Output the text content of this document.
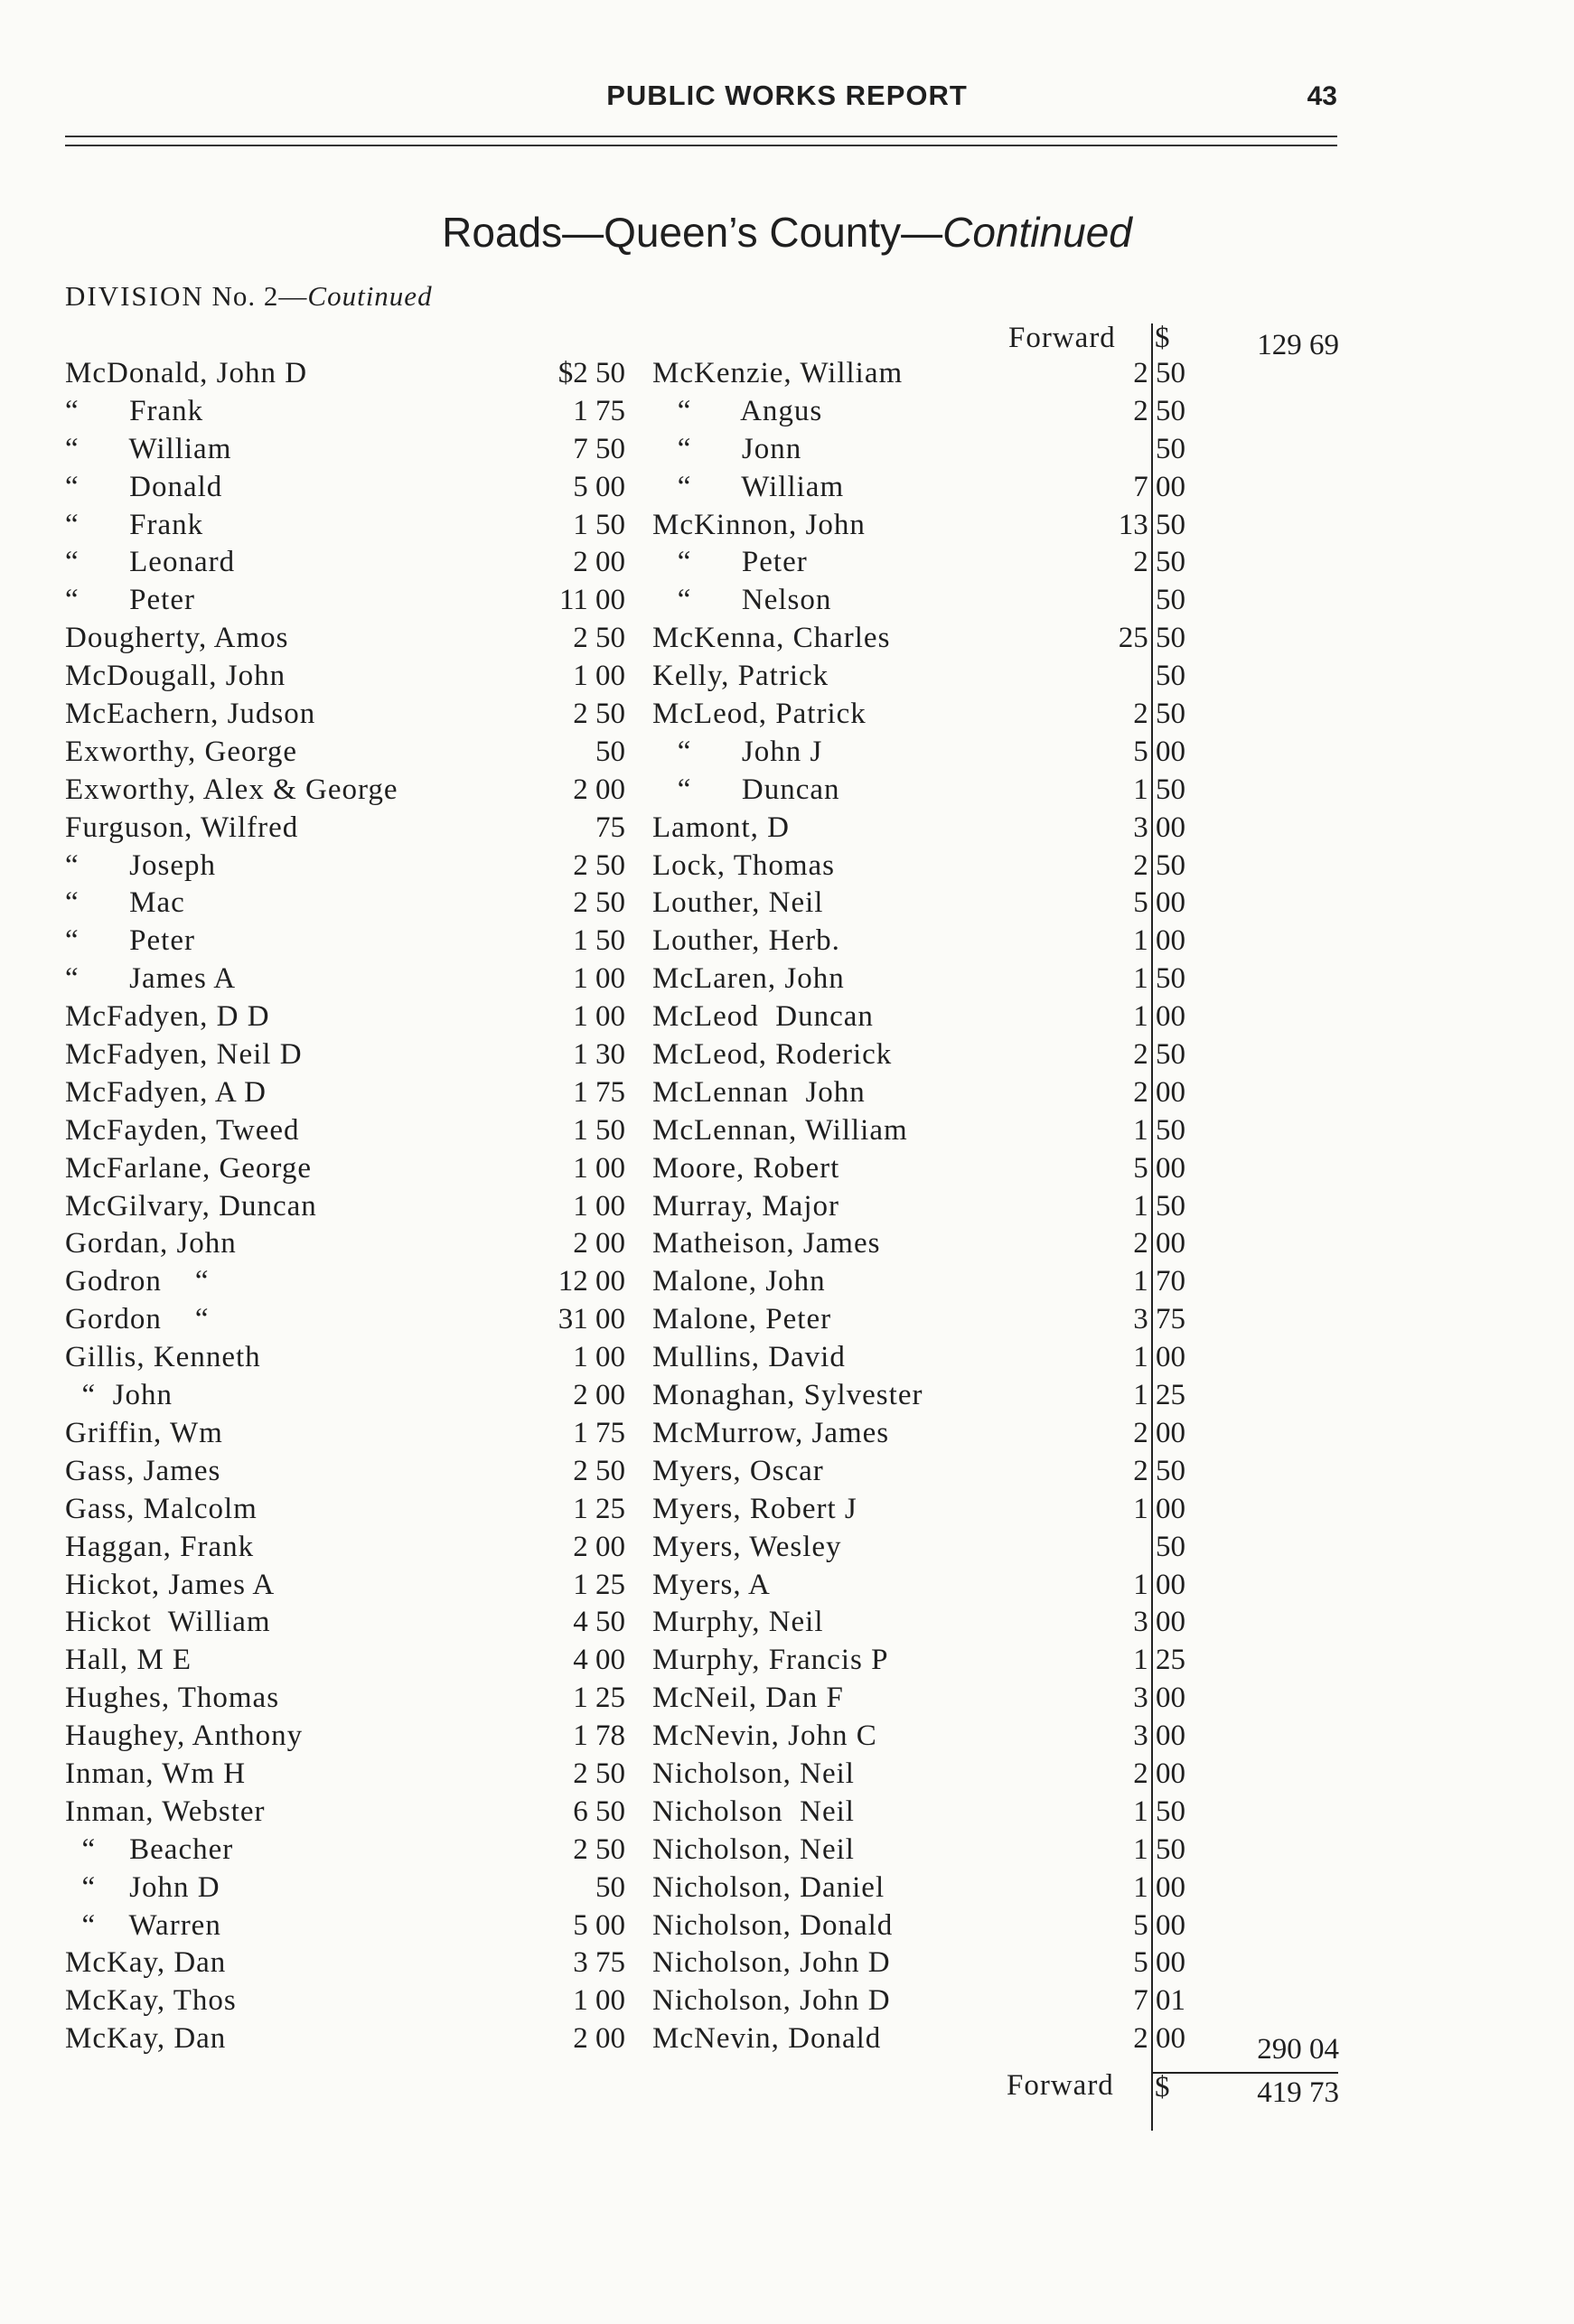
PUBLIC WORKS REPORT	43
Roads—Queen’s County—Continued
DIVISION No. 2—Coutinued
Forward $	129 69
McDonald, John D	$2 50
“      Frank	1 75
“      William	7 50
“      Donald	5 00
“      Frank	1 50
“      Leonard	2 00
“      Peter	11 00
Dougherty, Amos	2 50
McDougall, John	1 00
McEachern, Judson	2 50
Exworthy, George	50
Exworthy, Alex & George	2 00
Furguson, Wilfred	75
“      Joseph	2 50
“      Mac	2 50
“      Peter	1 50
“      James A	1 00
McFadyen, D D	1 00
McFadyen, Neil D	1 30
McFadyen, A D	1 75
McFayden, Tweed	1 50
McFarlane, George	1 00
McGilvary, Duncan	1 00
Gordan, John	2 00
Godron    “	12 00
Gordon    “	31 00
Gillis, Kenneth	1 00
“  John	2 00
Griffin, Wm	1 75
Gass, James	2 50
Gass, Malcolm	1 25
Haggan, Frank	2 00
Hickot, James A	1 25
Hickot  William	4 50
Hall, M E	4 00
Hughes, Thomas	1 25
Haughey, Anthony	1 78
Inman, Wm H	2 50
Inman, Webster	6 50
“    Beacher	2 50
“    John D	50
“    Warren	5 00
McKay, Dan	3 75
McKay, Thos	1 00
McKay, Dan	2 00
McKenzie, William	2 50
“      Angus	2 50
“      Jonn	50
“      William	7 00
McKinnon, John	13 50
“      Peter	2 50
“      Nelson	50
McKenna, Charles	25 50
Kelly, Patrick	50
McLeod, Patrick	2 50
“      John J	5 00
“      Duncan	1 50
Lamont, D	3 00
Lock, Thomas	2 50
Louther, Neil	5 00
Louther, Herb.	1 00
McLaren, John	1 50
McLeod  Duncan	1 00
McLeod, Roderick	2 50
McLennan  John	2 00
McLennan, William	1 50
Moore, Robert	5 00
Murray, Major	1 50
Matheison, James	2 00
Malone, John	1 70
Malone, Peter	3 75
Mullins, David	1 00
Monaghan, Sylvester	1 25
McMurrow, James	2 00
Myers, Oscar	2 50
Myers, Robert J	1 00
Myers, Wesley	50
Myers, A	1 00
Murphy, Neil	3 00
Murphy, Francis P	1 25
McNeil, Dan F	3 00
McNevin, John C	3 00
Nicholson, Neil	2 00
Nicholson  Neil	1 50
Nicholson, Neil	1 50
Nicholson, Daniel	1 00
Nicholson, Donald	5 00
Nicholson, John D	5 00
Nicholson, John D	7 01
McNevin, Donald	2 00	290 04
Forward $	419 73
